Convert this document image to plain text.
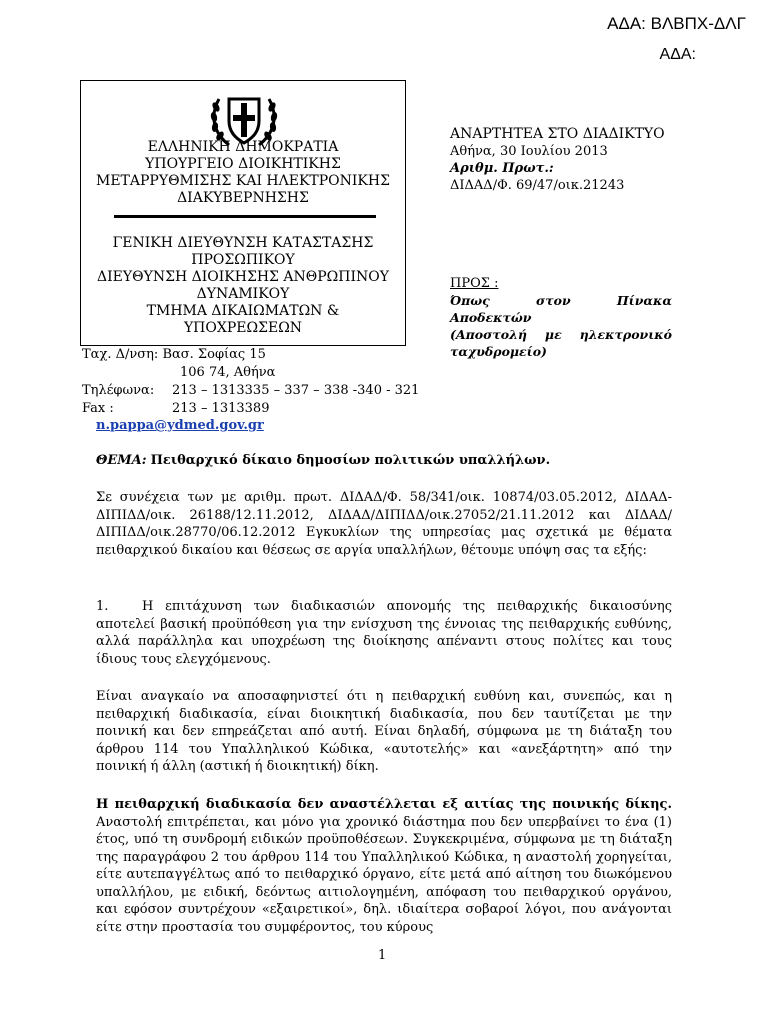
ΑΔΑ: ΒΛΒΠΧ-ΔΛΓ
ΑΔΑ:
ΕΛΛΗΝΙΚΗ ΔΗΜΟΚΡΑΤΙΑ
ΥΠΟΥΡΓΕΙΟ ΔΙΟΙΚΗΤΙΚΗΣ
ΜΕΤΑΡΡΥΘΜΙΣΗΣ ΚΑΙ ΗΛΕΚΤΡΟΝΙΚΗΣ
ΔΙΑΚΥΒΕΡΝΗΣΗΣ
ΓΕΝΙΚΗ ΔΙΕΥΘΥΝΣΗ ΚΑΤΑΣΤΑΣΗΣ
ΠΡΟΣΩΠΙΚΟΥ
ΔΙΕΥΘΥΝΣΗ ΔΙΟΙΚΗΣΗΣ ΑΝΘΡΩΠΙΝΟΥ
ΔΥΝΑΜΙΚΟΥ
ΤΜΗΜΑ ΔΙΚΑΙΩΜΑΤΩΝ &
ΥΠΟΧΡΕΩΣΕΩΝ
ΑΝΑΡΤΗΤΕΑ ΣΤΟ ΔΙΑΔΙΚΤΥΟ
Αθήνα, 30 Ιουλίου 2013
Αριθμ. Πρωτ.:
ΔΙΔΑΔ/Φ. 69/47/οικ.21243
ΠΡΟΣ :
Όπως στον Πίνακα Αποδεκτών
(Αποστολή με ηλεκτρονικό ταχυδρομείο)
Ταχ. Δ/νση: Βασ. Σοφίας 15
106 74, Αθήνα
Τηλέφωνα: 213 – 1313335 – 337 – 338 -340 - 321
Fax :	213 – 1313389
n.pappa@ydmed.gov.gr
ΘΕΜΑ: Πειθαρχικό δίκαιο δημοσίων πολιτικών υπαλλήλων.
Σε συνέχεια των με αριθμ. πρωτ. ΔΙΔΑΔ/Φ. 58/341/οικ. 10874/03.05.2012, ΔΙΔΑΔ-ΔΙΠΙΔΔ/οικ. 26188/12.11.2012, ΔΙΔΑΔ/ΔΙΠΙΔΔ/οικ.27052/21.11.2012 και ΔΙΔΑΔ/ΔΙΠΙΔΔ/οικ.28770/06.12.2012 Εγκυκλίων της υπηρεσίας μας σχετικά με θέματα πειθαρχικού δικαίου και θέσεως σε αργία υπαλλήλων, θέτουμε υπόψη σας τα εξής:
1.	Η επιτάχυνση των διαδικασιών απονομής της πειθαρχικής δικαιοσύνης αποτελεί βασική προϋπόθεση για την ενίσχυση της έννοιας της πειθαρχικής ευθύνης, αλλά παράλληλα και υποχρέωση της διοίκησης απέναντι στους πολίτες και τους ίδιους τους ελεγχόμενους.
Είναι αναγκαίο να αποσαφηνιστεί ότι η πειθαρχική ευθύνη και, συνεπώς, και η πειθαρχική διαδικασία, είναι διοικητική διαδικασία, που δεν ταυτίζεται με την ποινική και δεν επηρεάζεται από αυτή. Είναι δηλαδή, σύμφωνα με τη διάταξη του άρθρου 114 του Υπαλληλικού Κώδικα, «αυτοτελής» και «ανεξάρτητη» από την ποινική ή άλλη (αστική ή διοικητική) δίκη.
Η πειθαρχική διαδικασία δεν αναστέλλεται εξ αιτίας της ποινικής δίκης. Αναστολή επιτρέπεται, και μόνο για χρονικό διάστημα που δεν υπερβαίνει το ένα (1) έτος, υπό τη συνδρομή ειδικών προϋποθέσεων. Συγκεκριμένα, σύμφωνα με τη διάταξη της παραγράφου 2 του άρθρου 114 του Υπαλληλικού Κώδικα, η αναστολή χορηγείται, είτε αυτεπαγγέλτως από το πειθαρχικό όργανο, είτε μετά από αίτηση του διωκόμενου υπαλλήλου, με ειδική, δεόντως αιτιολογημένη, απόφαση του πειθαρχικού οργάνου, και εφόσον συντρέχουν «εξαιρετικοί», δηλ. ιδιαίτερα σοβαροί λόγοι, που ανάγονται είτε στην προστασία του συμφέροντος, του κύρους
1
